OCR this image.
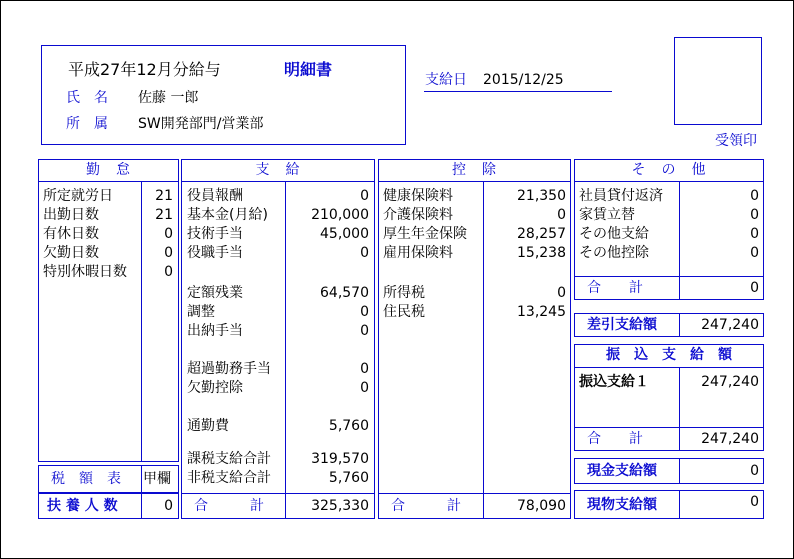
平成27年12月分給与	明細書
氏　名 佐藤 一郎
所　属 SW開発部門/営業部
支給日 2015/12/25
受領印
勤　怠
所定就労日	21
出勤日数	21
有休日数	0
欠勤日数	0
特別休暇日数	0
税　額　表 甲欄
扶 養 人 数	0
支　給
役員報酬	0
基本金(月給)	210,000
技術手当	45,000
役職手当	0
定額残業	64,570
調整	0
出納手当	0
超過勤務手当	0
欠勤控除	0
通勤費	5,760
課税支給合計	319,570
非税支給合計	5,760
合　　　計	325,330
控　除
健康保険料	21,350
介護保険料	0
厚生年金保険	28,257
雇用保険料	15,238
所得税	0
住民税	13,245
合　　　計	78,090
そ　の　他
社員貸付返済	0
家賃立替	0
その他支給	0
その他控除	0
合　　計	0
差引支給額	247,240
振　込　支　給　額
振込支給１	247,240
合　　計	247,240
現金支給額	0
現物支給額	0
